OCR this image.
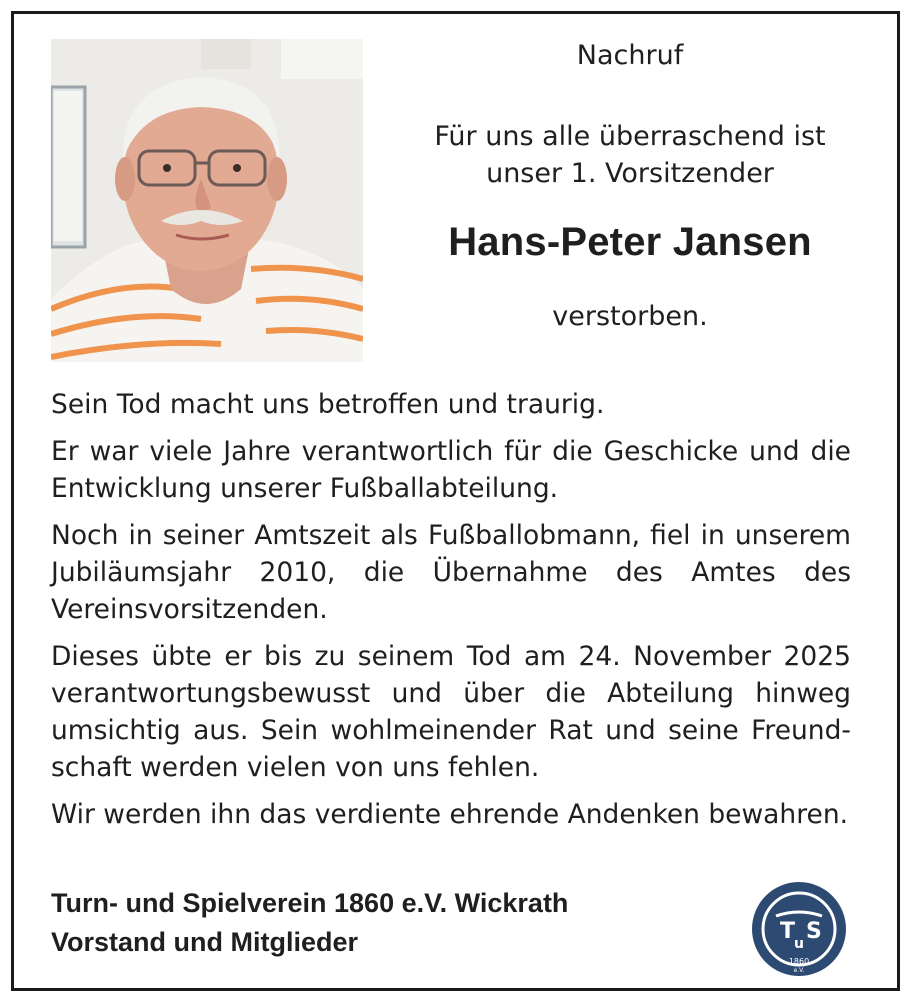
Nachruf
Für uns alle überraschend ist
unser 1. Vorsitzender
Hans-Peter Jansen
verstorben.

Sein Tod macht uns betroffen und traurig.

Er war viele Jahre verantwortlich für die Geschicke und die Entwicklung unserer Fußballabteilung.

Noch in seiner Amtszeit als Fußballobmann, fiel in unserem Jubiläumsjahr 2010, die Übernahme des Amtes des Vereinsvorsitzenden.

Dieses übte er bis zu seinem Tod am 24. November 2025 verantwortungsbewusst und über die Abteilung hinweg umsichtig aus. Sein wohlmeinender Rat und seine Freund-schaft werden vielen von uns fehlen.

Wir werden ihn das verdiente ehrende Andenken bewahren.

Turn- und Spielverein 1860 e.V. Wickrath
Vorstand und Mitglieder	T
u S
1860
e.V.
